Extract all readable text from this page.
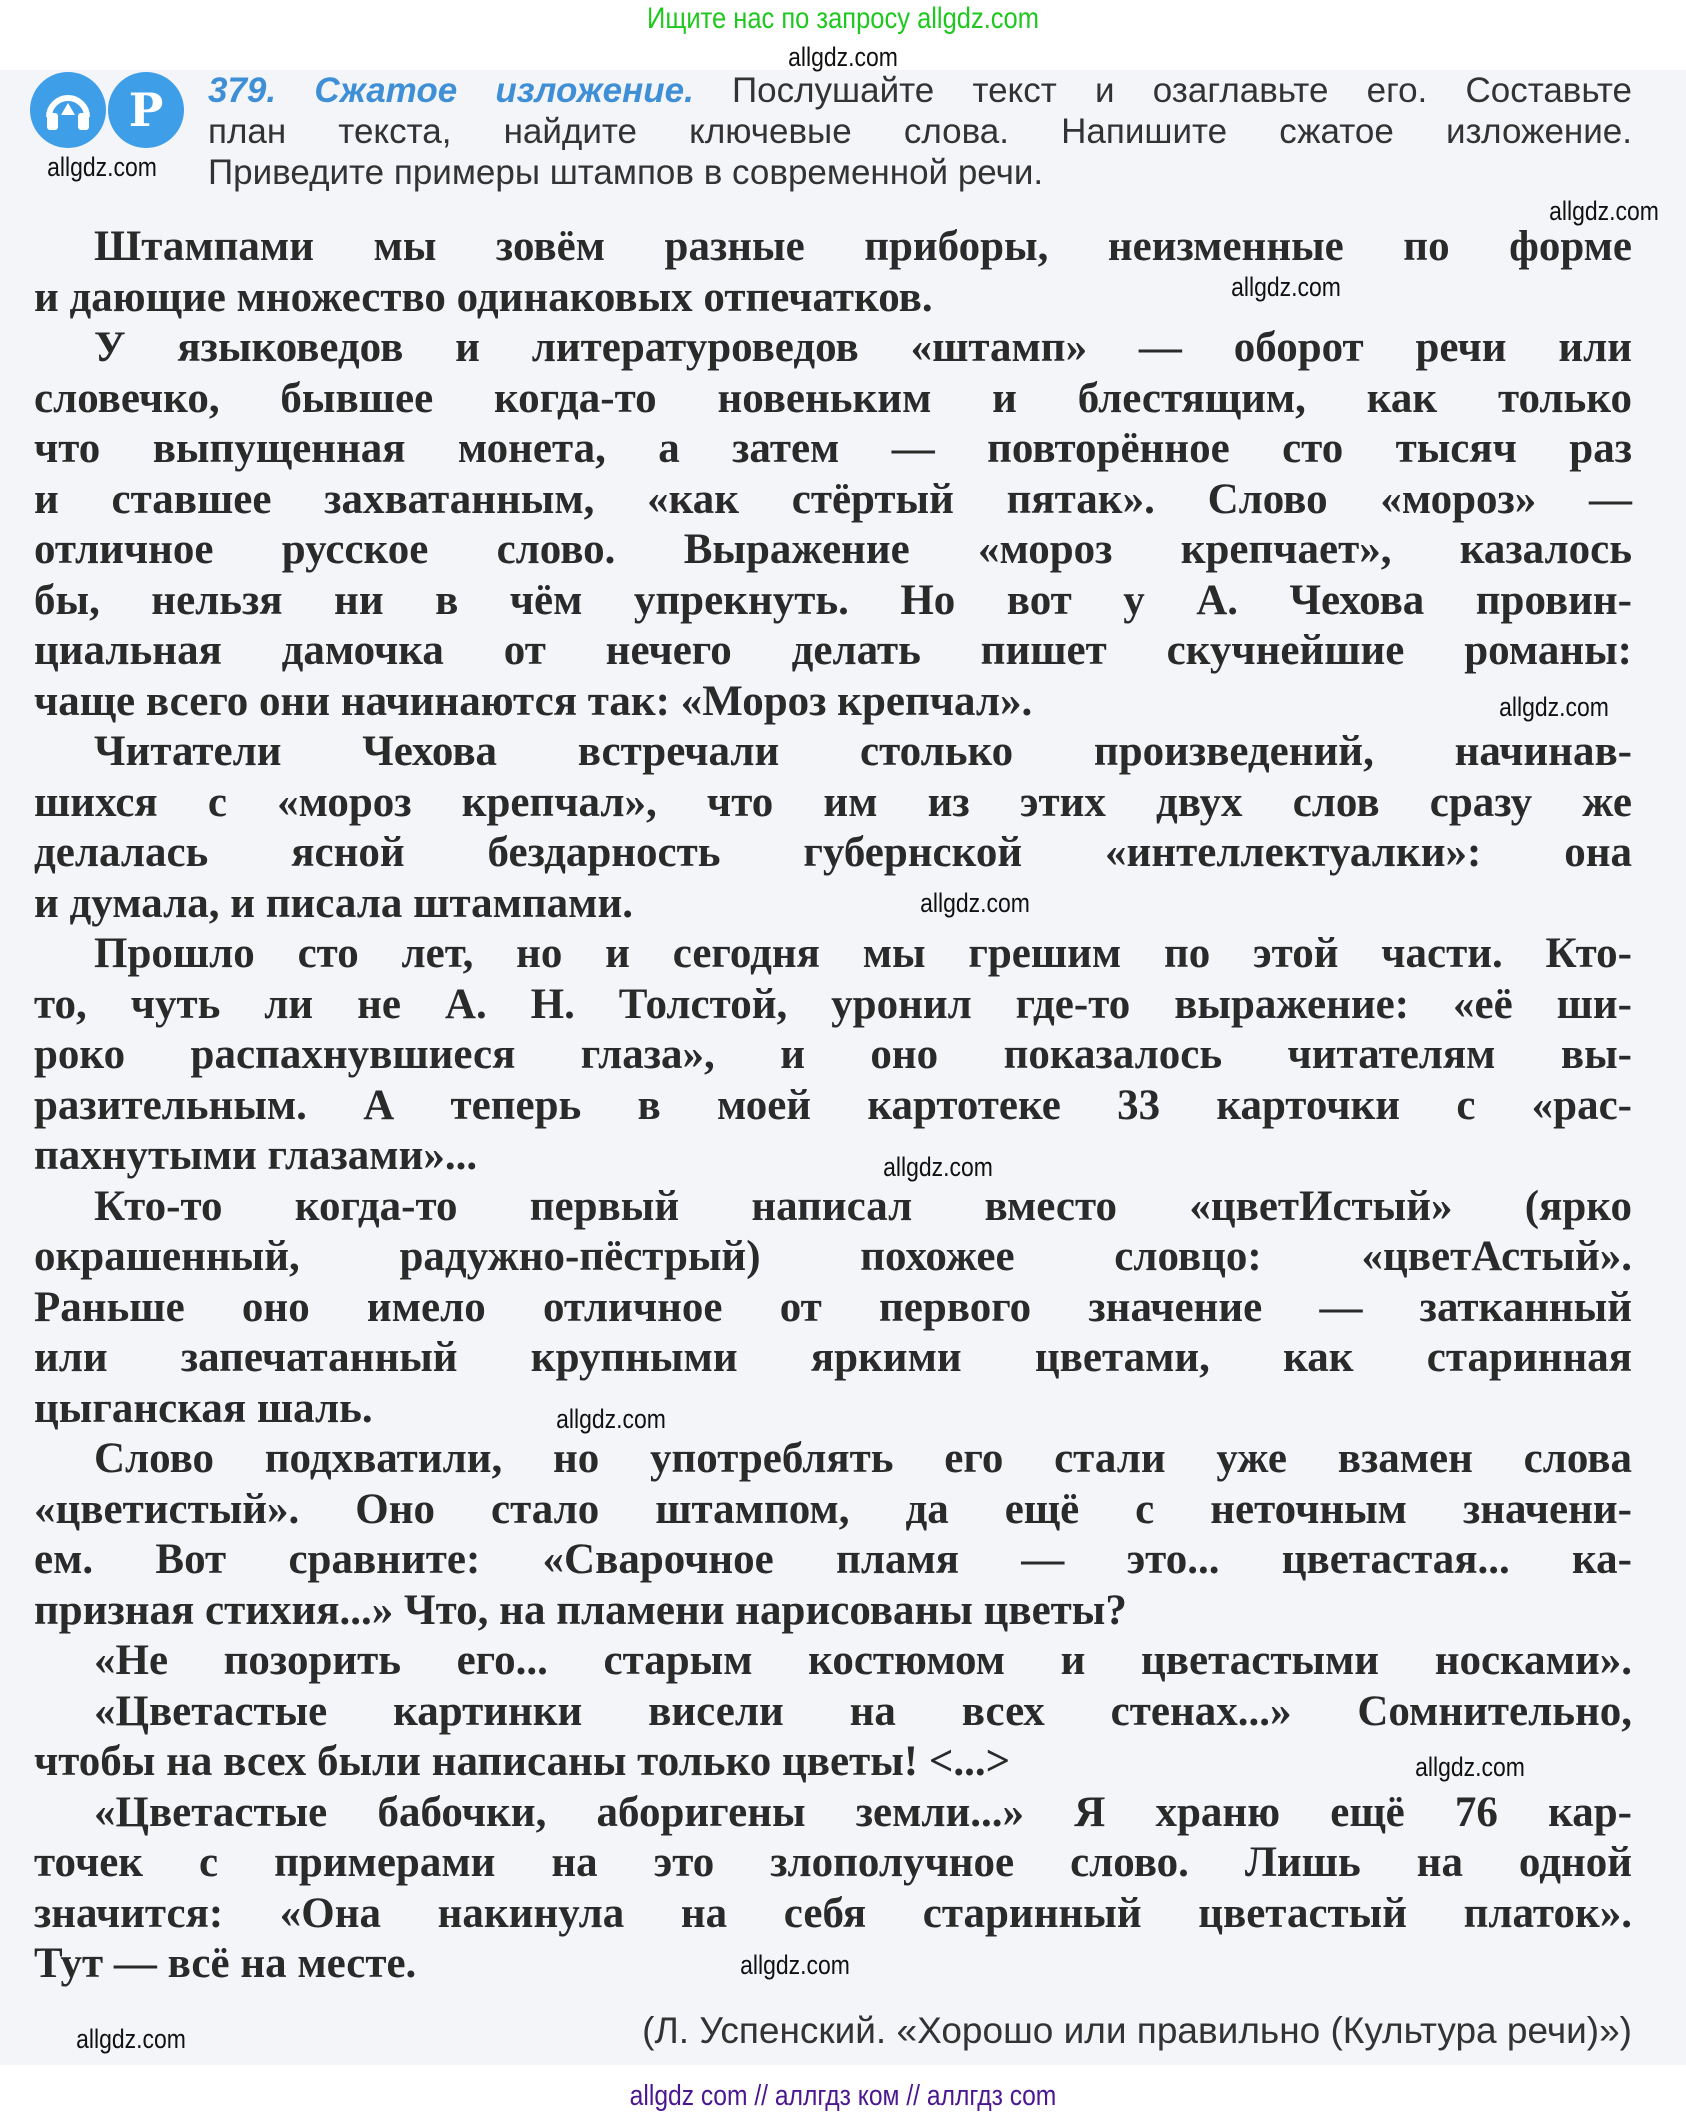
Ищите нас по запросу allgdz.com
Р	379. Сжатое изложение. Послушайте текст и озаглавьте его. Составьте
план текста, найдите ключевые слова. Напишите сжатое изложение.
Приведите примеры штампов в современной речи.
Штампами мы зовём разные приборы, неизменные по форме
и дающие множество одинаковых отпечатков.
У языковедов и литературоведов «штамп» — оборот речи или
словечко, бывшее когда-то новеньким и блестящим, как только
что выпущенная монета, а затем — повторённое сто тысяч раз
и ставшее захватанным, «как стёртый пятак». Слово «мороз» —
отличное русское слово. Выражение «мороз крепчает», казалось
бы, нельзя ни в чём упрекнуть. Но вот у А. Чехова провин-
циальная дамочка от нечего делать пишет скучнейшие романы:
чаще всего они начинаются так: «Мороз крепчал».
Читатели Чехова встречали столько произведений, начинав-
шихся с «мороз крепчал», что им из этих двух слов сразу же
делалась ясной бездарность губернской «интеллектуалки»: она
и думала, и писала штампами.
Прошло сто лет, но и сегодня мы грешим по этой части. Кто-
то, чуть ли не А. Н. Толстой, уронил где-то выражение: «её ши-
роко распахнувшиеся глаза», и оно показалось читателям вы-
разительным. А теперь в моей картотеке 33 карточки с «рас-
пахнутыми глазами»...
Кто-то когда-то первый написал вместо «цветИстый» (ярко
окрашенный, радужно-пёстрый) похожее словцо: «цветАстый».
Раньше оно имело отличное от первого значение — затканный
или запечатанный крупными яркими цветами, как старинная
цыганская шаль.
Слово подхватили, но употреблять его стали уже взамен слова
«цветистый». Оно стало штампом, да ещё с неточным значени-
ем. Вот сравните: «Сварочное пламя — это... цветастая... ка-
призная стихия...» Что, на пламени нарисованы цветы?
«Не позорить его... старым костюмом и цветастыми носками».
«Цветастые картинки висели на всех стенах...» Сомнительно,
чтобы на всех были написаны только цветы! <...>
«Цветастые бабочки, аборигены земли...» Я храню ещё 76 кар-
точек с примерами на это злополучное слово. Лишь на одной
значится: «Она накинула на себя старинный цветастый платок».
Тут — всё на месте.
(Л. Успенский. «Хорошо или правильно (Культура речи)»)
allgdz.com
allgdz.com
allgdz.com
allgdz.com
allgdz.com
allgdz.com
allgdz.com
allgdz.com
allgdz.com
allgdz.com
allgdz.com
allgdz com // аллгдз ком // аллгдз com
